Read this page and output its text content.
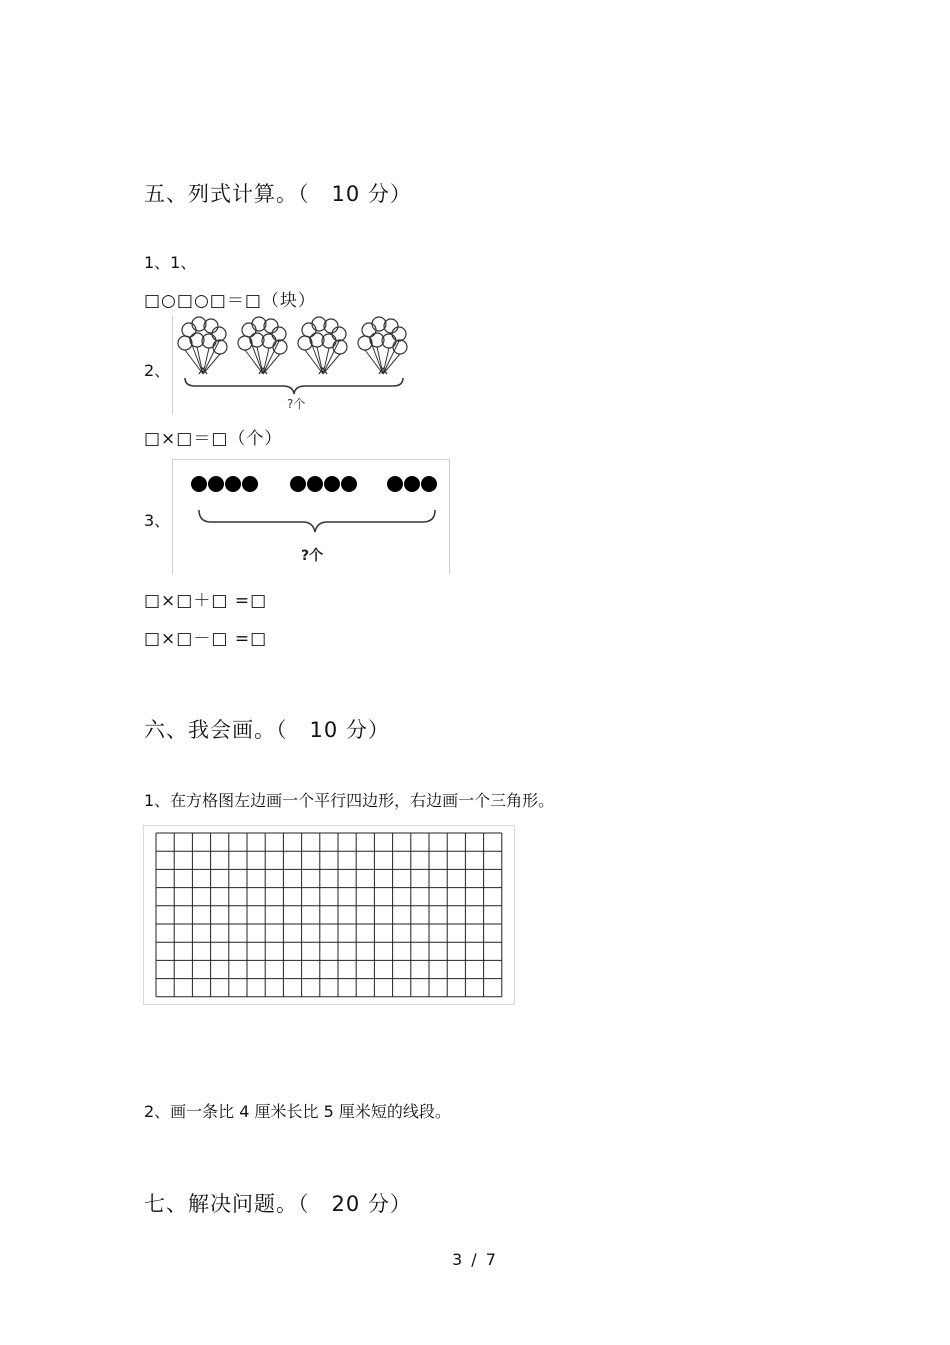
五、列式计算。（　10 分）
1、1、
□○□○□＝□（块）
2、
?个
□×□＝□（个）
3、
?个
□×□＋□ =□
□×□－□ =□
六、我会画。（　10 分）
1、在方格图左边画一个平行四边形，右边画一个三角形。
2、画一条比 4 厘米长比 5 厘米短的线段。
七、解决问题。（　20 分）
3 / 7
